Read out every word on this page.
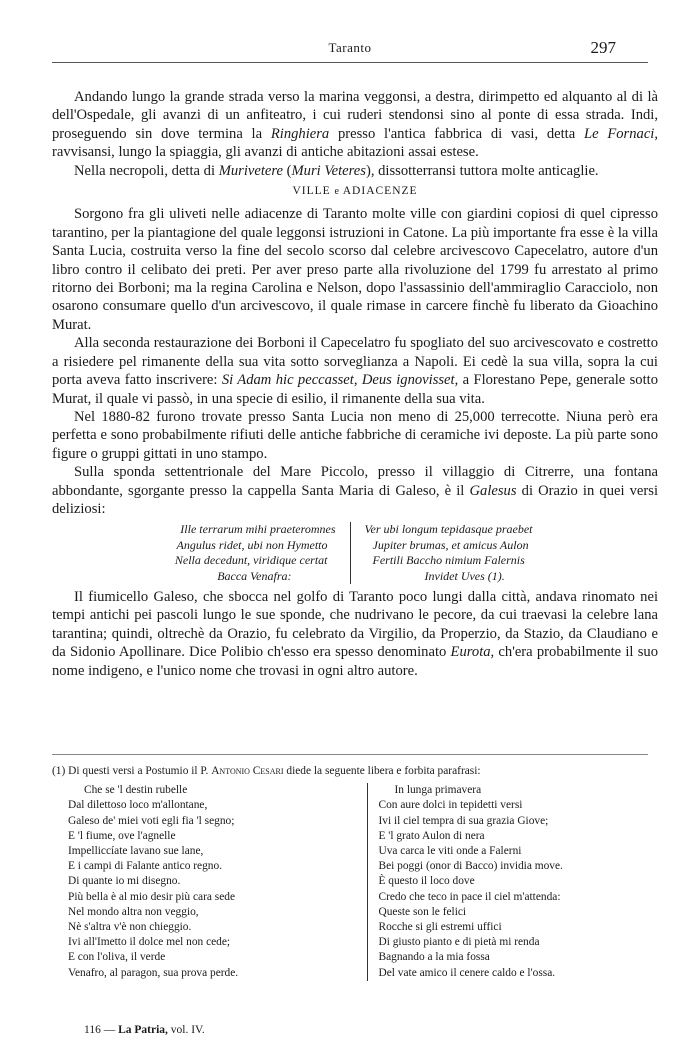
Taranto	297

Andando lungo la grande strada verso la marina veggonsi, a destra, dirimpetto ed alquanto al di là dell'Ospedale, gli avanzi di un anfiteatro, i cui ruderi stendonsi sino al ponte di essa strada. Indi, proseguendo sin dove termina la Ringhiera presso l'antica fabbrica di vasi, detta Le Fornaci, ravvisansi, lungo la spiaggia, gli avanzi di antiche abitazioni assai estese.

Nella necropoli, detta di Murivetere (Muri Veteres), dissotterransi tuttora molte anticaglie.

VILLE e ADIACENZE

Sorgono fra gli uliveti nelle adiacenze di Taranto molte ville con giardini copiosi di quel cipresso tarantino, per la piantagione del quale leggonsi istruzioni in Catone. La più importante fra esse è la villa Santa Lucia, costruita verso la fine del secolo scorso dal celebre arcivescovo Capecelatro, autore d'un libro contro il celibato dei preti. Per aver preso parte alla rivoluzione del 1799 fu arrestato al primo ritorno dei Borboni; ma la regina Carolina e Nelson, dopo l'assassinio dell'ammiraglio Caracciolo, non osarono consumare quello d'un arcivescovo, il quale rimase in carcere finchè fu liberato da Gioachino Murat.

Alla seconda restaurazione dei Borboni il Capecelatro fu spogliato del suo arcivescovato e costretto a risiedere pel rimanente della sua vita sotto sorveglianza a Napoli. Ei cedè la sua villa, sopra la cui porta aveva fatto inscrivere: Si Adam hic peccasset, Deus ignovisset, a Florestano Pepe, generale sotto Murat, il quale vi passò, in una specie di esilio, il rimanente della sua vita.

Nel 1880-82 furono trovate presso Santa Lucia non meno di 25,000 terrecotte. Niuna però era perfetta e sono probabilmente rifiuti delle antiche fabbriche di ceramiche ivi deposte. La più parte sono figure o gruppi gittati in uno stampo.

Sulla sponda settentrionale del Mare Piccolo, presso il villaggio di Citrerre, una fontana abbondante, sgorgante presso la cappella Santa Maria di Galeso, è il Galesus di Orazio in quei versi deliziosi:

Ille terrarum mihi praeteromnes
Angulus ridet, ubi non Hymetto
Nella decedunt, viridique certat
Bacca Venafra:
Ver ubi longum tepidasque praebet
Jupiter brumas, et amicus Aulon
Fertili Baccho nimium Falernis
Invidet Uves (1).

Il fiumicello Galeso, che sbocca nel golfo di Taranto poco lungi dalla città, andava rinomato nei tempi antichi pei pascoli lungo le sue sponde, che nudrivano le pecore, da cui traevasi la celebre lana tarantina; quindi, oltrechè da Orazio, fu celebrato da Virgilio, da Properzio, da Stazio, da Claudiano e da Sidonio Apollinare. Dice Polibio ch'esso era spesso denominato Eurota, ch'era probabilmente il suo nome indigeno, e l'unico nome che trovasi in ogni altro autore.

(1) Di questi versi a Postumio il P. Antonio Cesari diede la seguente libera e forbita parafrasi:
Che se 'l destin rubelle
Dal dilettoso loco m'allontane,
Galeso de' miei voti egli fia 'l segno;
E 'l fiume, ove l'agnelle
Impelliccíate lavano sue lane,
E i campi di Falante antico regno.
Di quante io mi disegno.
Più bella è al mio desir più cara sede
Nel mondo altra non veggio,
Nè s'altra v'è non chieggio.
Ivi all'Imetto il dolce mel non cede;
E con l'oliva, il verde
Venafro, al paragon, sua prova perde.
In lunga primavera
Con aure dolci in tepidetti versi
Ivi il ciel tempra di sua grazia Giove;
E 'l grato Aulon di nera
Uva carca le viti onde a Falerni
Bei poggi (onor di Bacco) invidia move.
È questo il loco dove
Credo che teco in pace il ciel m'attenda:
Queste son le felici
Rocche si gli estremi uffici
Di giusto pianto e di pietà mi renda
Bagnando a la mia fossa
Del vate amico il cenere caldo e l'ossa.
116 — La Patria, vol. IV.
